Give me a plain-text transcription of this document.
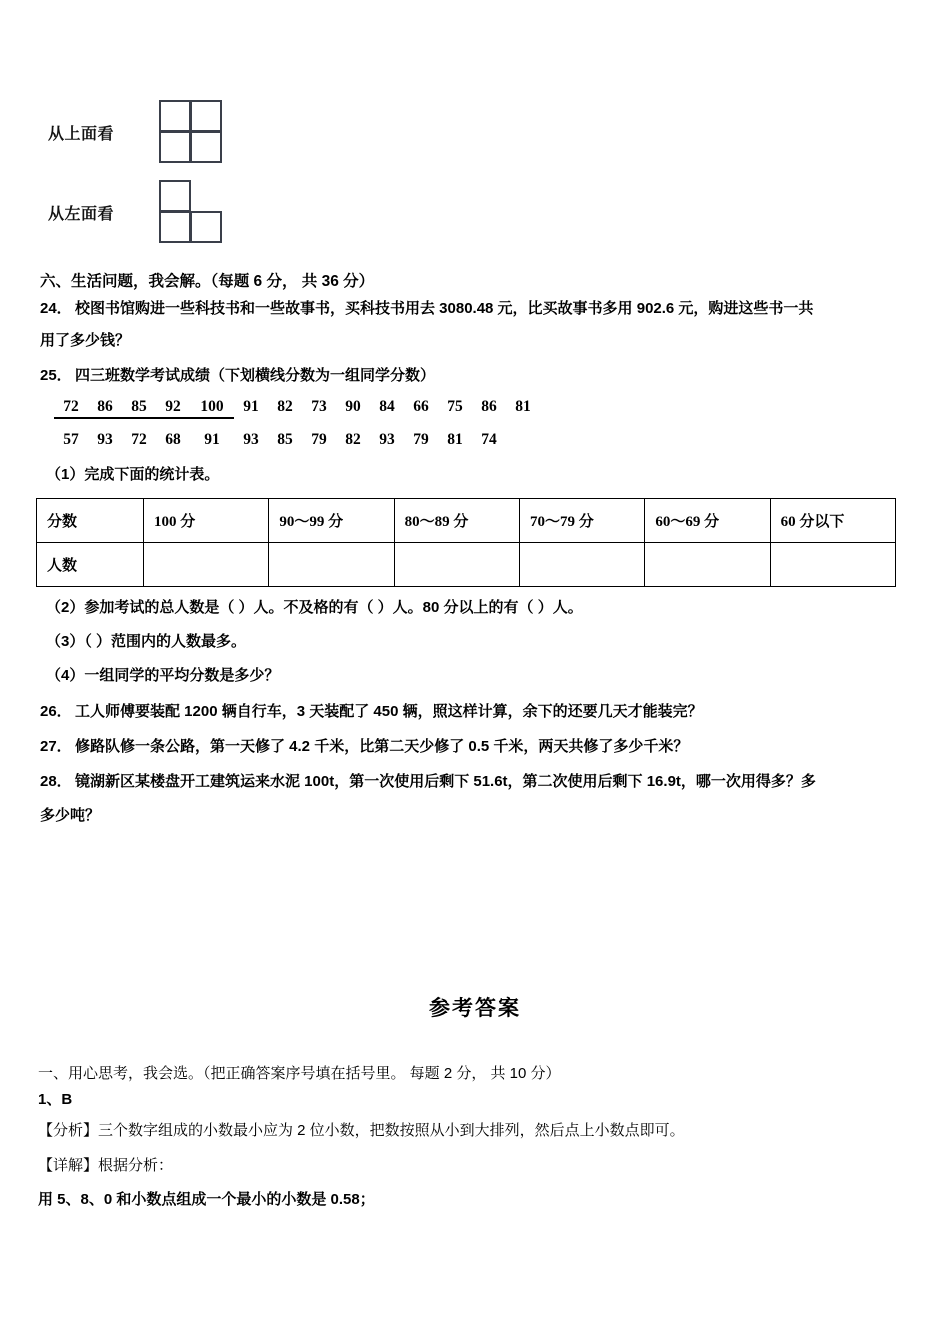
从上面看
从左面看
六、生活问题，我会解。（每题 6 分， 共 36 分）
24． 校图书馆购进一些科技书和一些故事书，买科技书用去 3080.48 元，比买故事书多用 902.6 元，购进这些书一共
用了多少钱？
25． 四三班数学考试成绩（下划横线分数为一组同学分数）
72 86 85 92 100 91 82 73 90 84 66 75 86 81
57 93 72 68 91 93 85 79 82 93 79 81 74
（1）完成下面的统计表。
分数	100 分	90～99 分	80～89 分	70～79 分	60～69 分	60 分以下
人数						
（2）参加考试的总人数是（ ）人。不及格的有（ ）人。80 分以上的有（ ）人。
（3）（ ）范围内的人数最多。
（4）一组同学的平均分数是多少？
26． 工人师傅要装配 1200 辆自行车，3 天装配了 450 辆，照这样计算，余下的还要几天才能装完？
27． 修路队修一条公路，第一天修了 4.2 千米，比第二天少修了 0.5 千米，两天共修了多少千米？
28． 镜湖新区某楼盘开工建筑运来水泥 100t，第一次使用后剩下 51.6t，第二次使用后剩下 16.9t，哪一次用得多？多
多少吨？
参考答案
一、用心思考，我会选。（把正确答案序号填在括号里。 每题 2 分， 共 10 分）
1、B
【分析】三个数字组成的小数最小应为 2 位小数，把数按照从小到大排列，然后点上小数点即可。
【详解】根据分析：
用 5、8、0 和小数点组成一个最小的小数是 0.58；
